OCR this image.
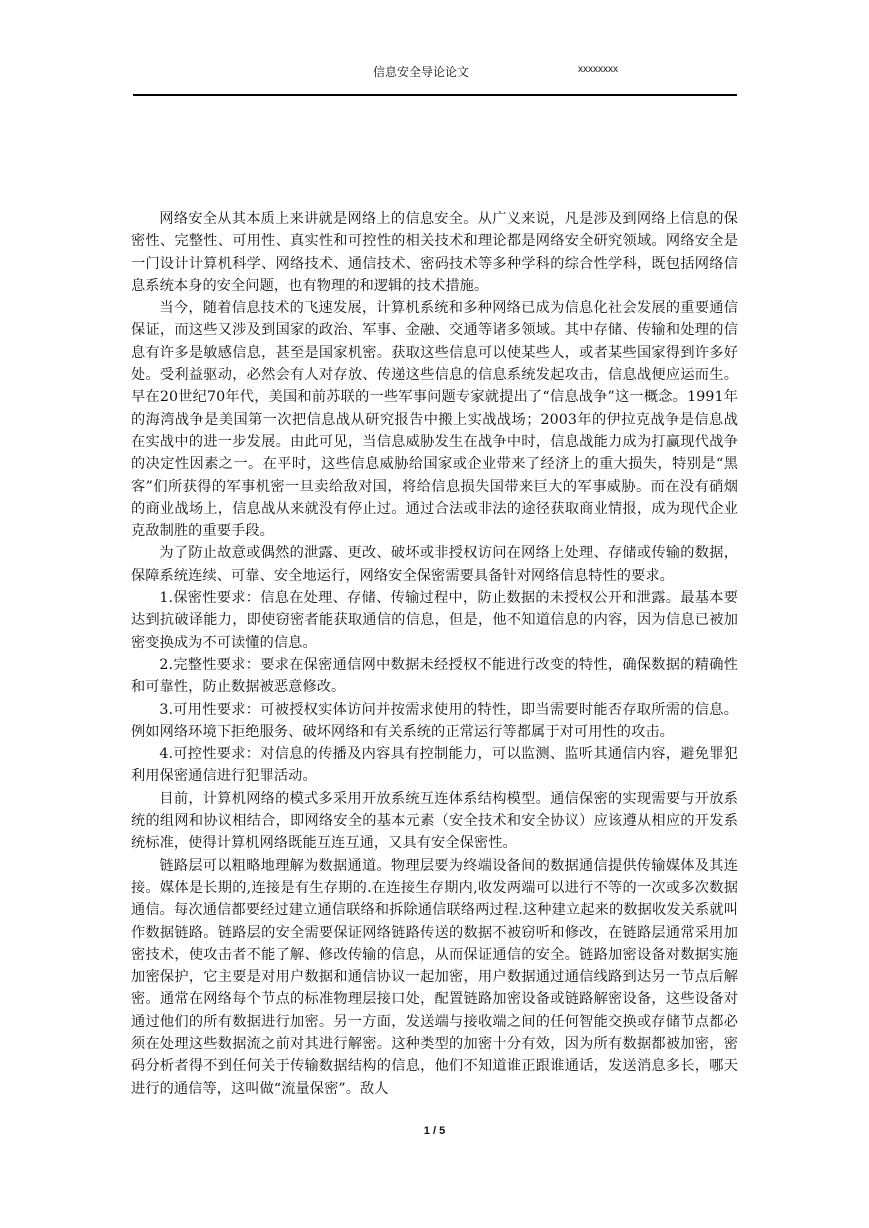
信息安全导论论文	xxxxxxxx

网络安全从其本质上来讲就是网络上的信息安全。从广义来说，凡是涉及到网络上信息的保密性、完整性、可用性、真实性和可控性的相关技术和理论都是网络安全研究领域。网络安全是一门设计计算机科学、网络技术、通信技术、密码技术等多种学科的综合性学科，既包括网络信息系统本身的安全问题，也有物理的和逻辑的技术措施。

当今，随着信息技术的飞速发展，计算机系统和多种网络已成为信息化社会发展的重要通信保证，而这些又涉及到国家的政治、军事、金融、交通等诸多领域。其中存储、传输和处理的信息有许多是敏感信息，甚至是国家机密。获取这些信息可以使某些人，或者某些国家得到许多好处。受利益驱动，必然会有人对存放、传递这些信息的信息系统发起攻击，信息战便应运而生。早在20世纪70年代，美国和前苏联的一些军事问题专家就提出了“信息战争”这一概念。1991年的海湾战争是美国第一次把信息战从研究报告中搬上实战战场；2003年的伊拉克战争是信息战在实战中的进一步发展。由此可见，当信息威胁发生在战争中时，信息战能力成为打赢现代战争的决定性因素之一。在平时，这些信息威胁给国家或企业带来了经济上的重大损失，特别是“黑客”们所获得的军事机密一旦卖给敌对国，将给信息损失国带来巨大的军事威胁。而在没有硝烟的商业战场上，信息战从来就没有停止过。通过合法或非法的途径获取商业情报，成为现代企业克敌制胜的重要手段。

为了防止故意或偶然的泄露、更改、破坏或非授权访问在网络上处理、存储或传输的数据，保障系统连续、可靠、安全地运行，网络安全保密需要具备针对网络信息特性的要求。

1.保密性要求：信息在处理、存储、传输过程中，防止数据的未授权公开和泄露。最基本要达到抗破译能力，即使窃密者能获取通信的信息，但是，他不知道信息的内容，因为信息已被加密变换成为不可读懂的信息。

2.完整性要求：要求在保密通信网中数据未经授权不能进行改变的特性，确保数据的精确性和可靠性，防止数据被恶意修改。

3.可用性要求：可被授权实体访问并按需求使用的特性，即当需要时能否存取所需的信息。例如网络环境下拒绝服务、破坏网络和有关系统的正常运行等都属于对可用性的攻击。

4.可控性要求：对信息的传播及内容具有控制能力，可以监测、监听其通信内容，避免罪犯利用保密通信进行犯罪活动。

目前，计算机网络的模式多采用开放系统互连体系结构模型。通信保密的实现需要与开放系统的组网和协议相结合，即网络安全的基本元素（安全技术和安全协议）应该遵从相应的开发系统标准，使得计算机网络既能互连互通，又具有安全保密性。

链路层可以粗略地理解为数据通道。物理层要为终端设备间的数据通信提供传输媒体及其连接。媒体是长期的,连接是有生存期的.在连接生存期内,收发两端可以进行不等的一次或多次数据通信。每次通信都要经过建立通信联络和拆除通信联络两过程.这种建立起来的数据收发关系就叫作数据链路。链路层的安全需要保证网络链路传送的数据不被窃听和修改，在链路层通常采用加密技术，使攻击者不能了解、修改传输的信息，从而保证通信的安全。链路加密设备对数据实施加密保护，它主要是对用户数据和通信协议一起加密，用户数据通过通信线路到达另一节点后解密。通常在网络每个节点的标准物理层接口处，配置链路加密设备或链路解密设备，这些设备对通过他们的所有数据进行加密。另一方面，发送端与接收端之间的任何智能交换或存储节点都必须在处理这些数据流之前对其进行解密。这种类型的加密十分有效，因为所有数据都被加密，密码分析者得不到任何关于传输数据结构的信息，他们不知道谁正跟谁通话，发送消息多长，哪天进行的通信等，这叫做“流量保密”。敌人

1 / 5
